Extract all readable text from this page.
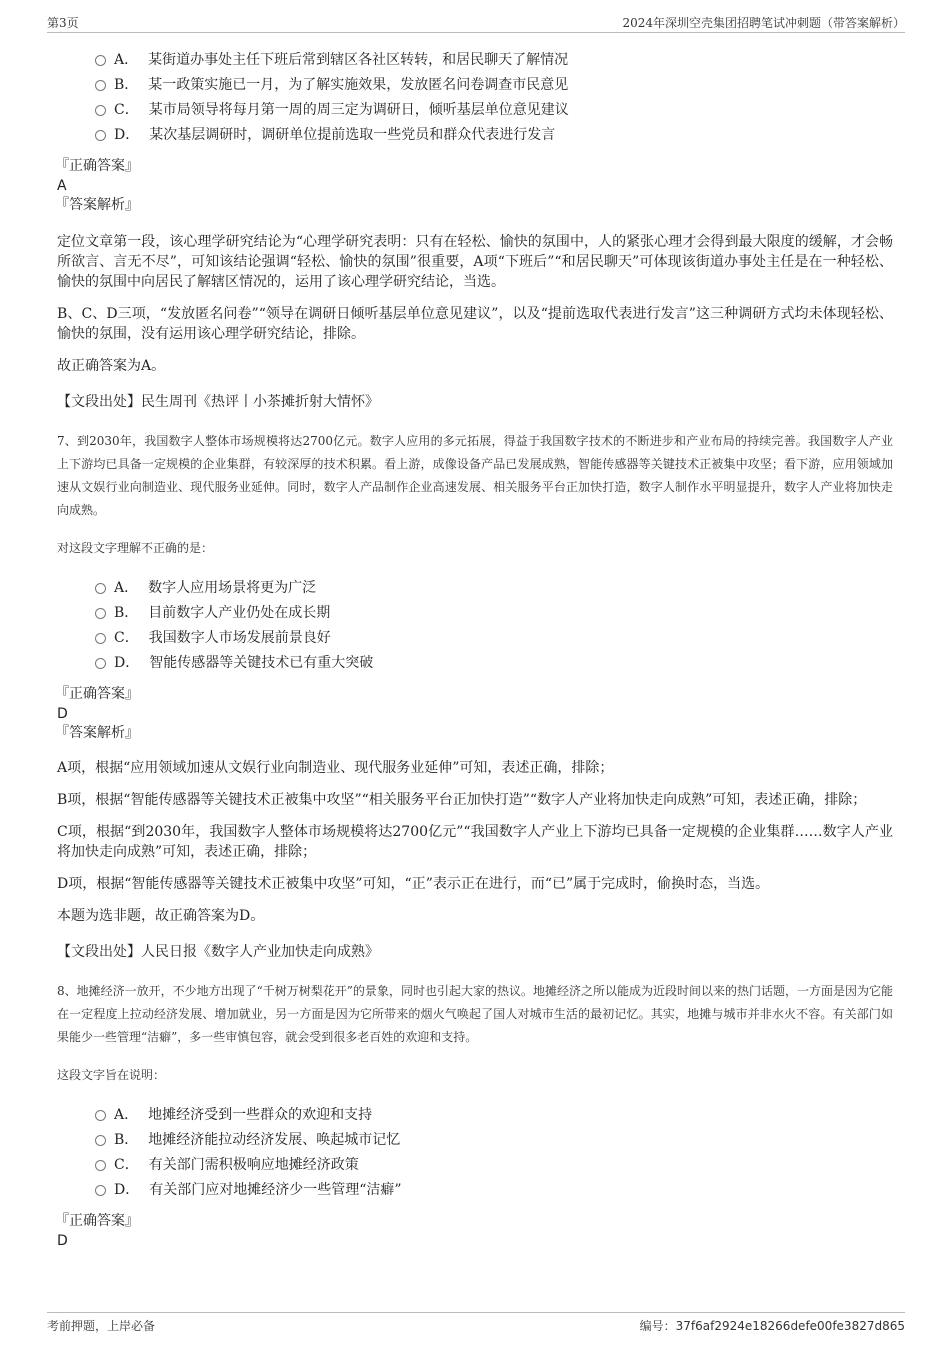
第3页	2024年深圳空壳集团招聘笔试冲刺题（带答案解析）
A． 某街道办事处主任下班后常到辖区各社区转转，和居民聊天了解情况
B． 某一政策实施已一月，为了解实施效果，发放匿名问卷调查市民意见
C． 某市局领导将每月第一周的周三定为调研日，倾听基层单位意见建议
D． 某次基层调研时，调研单位提前选取一些党员和群众代表进行发言
『正确答案』
A
『答案解析』

定位文章第一段，该心理学研究结论为“心理学研究表明：只有在轻松、愉快的氛围中，人的紧张心理才会得到最大限度的缓解，才会畅所欲言、言无不尽”，可知该结论强调“轻松、愉快的氛围”很重要，A项“下班后”“和居民聊天”可体现该街道办事处主任是在一种轻松、愉快的氛围中向居民了解辖区情况的，运用了该心理学研究结论，当选。

B、C、D三项，“发放匿名问卷”“领导在调研日倾听基层单位意见建议”，以及“提前选取代表进行发言”这三种调研方式均未体现轻松、愉快的氛围，没有运用该心理学研究结论，排除。

故正确答案为A。

【文段出处】民生周刊《热评丨小茶摊折射大情怀》

7、到2030年，我国数字人整体市场规模将达2700亿元。数字人应用的多元拓展，得益于我国数字技术的不断进步和产业布局的持续完善。我国数字人产业上下游均已具备一定规模的企业集群，有较深厚的技术积累。看上游，成像设备产品已发展成熟，智能传感器等关键技术正被集中攻坚；看下游，应用领域加速从文娱行业向制造业、现代服务业延伸。同时，数字人产品制作企业高速发展、相关服务平台正加快打造，数字人制作水平明显提升，数字人产业将加快走向成熟。

对这段文字理解不正确的是：

A． 数字人应用场景将更为广泛
B． 目前数字人产业仍处在成长期
C． 我国数字人市场发展前景良好
D． 智能传感器等关键技术已有重大突破
『正确答案』
D
『答案解析』

A项，根据“应用领域加速从文娱行业向制造业、现代服务业延伸”可知，表述正确，排除；

B项，根据“智能传感器等关键技术正被集中攻坚”“相关服务平台正加快打造”“数字人产业将加快走向成熟”可知，表述正确，排除；

C项，根据“到2030年，我国数字人整体市场规模将达2700亿元”“我国数字人产业上下游均已具备一定规模的企业集群……数字人产业将加快走向成熟”可知，表述正确，排除；

D项，根据“智能传感器等关键技术正被集中攻坚”可知，“正”表示正在进行，而“已”属于完成时，偷换时态，当选。

本题为选非题，故正确答案为D。

【文段出处】人民日报《数字人产业加快走向成熟》

8、地摊经济一放开，不少地方出现了“千树万树梨花开”的景象，同时也引起大家的热议。地摊经济之所以能成为近段时间以来的热门话题，一方面是因为它能在一定程度上拉动经济发展、增加就业，另一方面是因为它所带来的烟火气唤起了国人对城市生活的最初记忆。其实，地摊与城市并非水火不容。有关部门如果能少一些管理“洁癖”，多一些审慎包容，就会受到很多老百姓的欢迎和支持。

这段文字旨在说明：

A． 地摊经济受到一些群众的欢迎和支持
B． 地摊经济能拉动经济发展、唤起城市记忆
C． 有关部门需积极响应地摊经济政策
D． 有关部门应对地摊经济少一些管理“洁癖”
『正确答案』
D
考前押题，上岸必备	编号：37f6af2924e18266defe00fe3827d865
